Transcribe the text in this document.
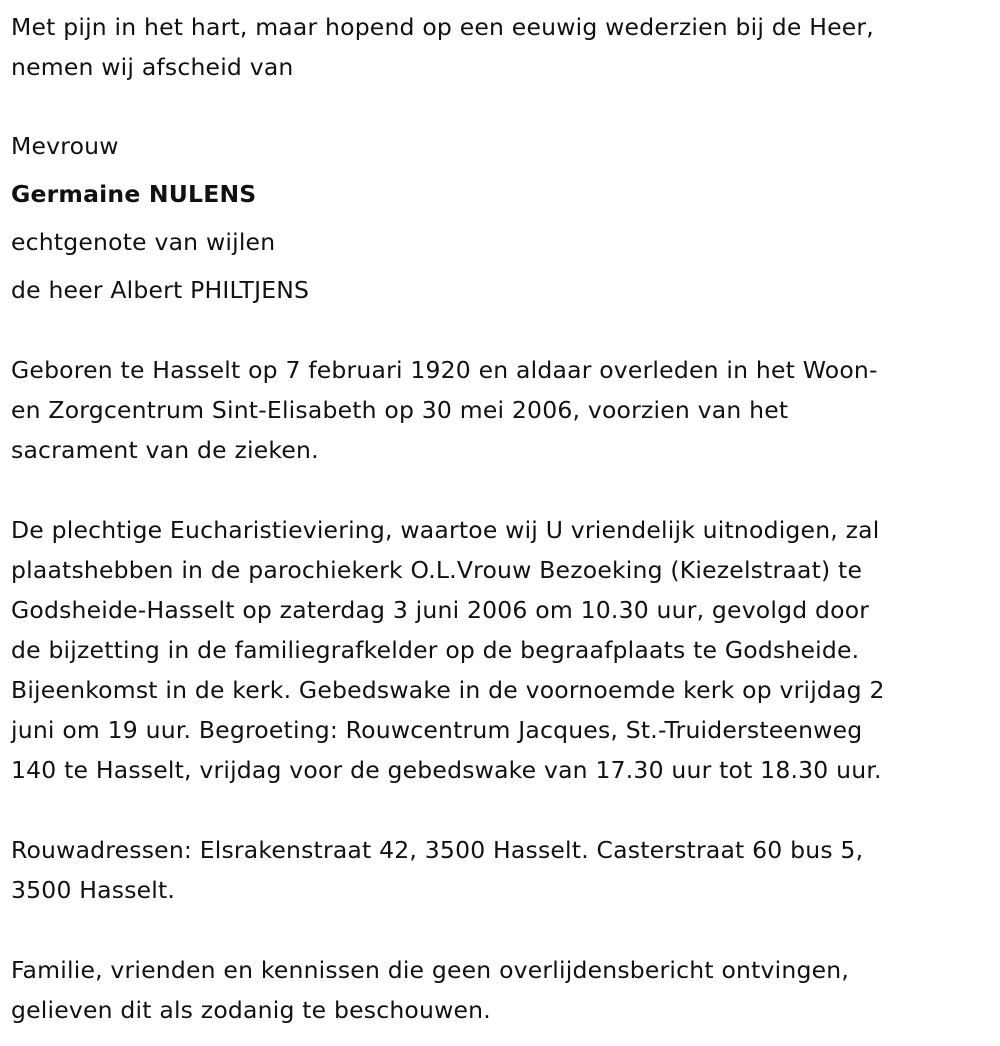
Met pijn in het hart, maar hopend op een eeuwig wederzien bij de Heer,
nemen wij afscheid van
Mevrouw
Germaine NULENS
echtgenote van wijlen
de heer Albert PHILTJENS
Geboren te Hasselt op 7 februari 1920 en aldaar overleden in het Woon-
en Zorgcentrum Sint-Elisabeth op 30 mei 2006, voorzien van het
sacrament van de zieken.
De plechtige Eucharistieviering, waartoe wij U vriendelijk uitnodigen, zal
plaatshebben in de parochiekerk O.L.Vrouw Bezoeking (Kiezelstraat) te
Godsheide-Hasselt op zaterdag 3 juni 2006 om 10.30 uur, gevolgd door
de bijzetting in de familiegrafkelder op de begraafplaats te Godsheide.
Bijeenkomst in de kerk. Gebedswake in de voornoemde kerk op vrijdag 2
juni om 19 uur. Begroeting: Rouwcentrum Jacques, St.-Truidersteenweg
140 te Hasselt, vrijdag voor de gebedswake van 17.30 uur tot 18.30 uur.
Rouwadressen: Elsrakenstraat 42, 3500 Hasselt. Casterstraat 60 bus 5,
3500 Hasselt.
Familie, vrienden en kennissen die geen overlijdensbericht ontvingen,
gelieven dit als zodanig te beschouwen.
